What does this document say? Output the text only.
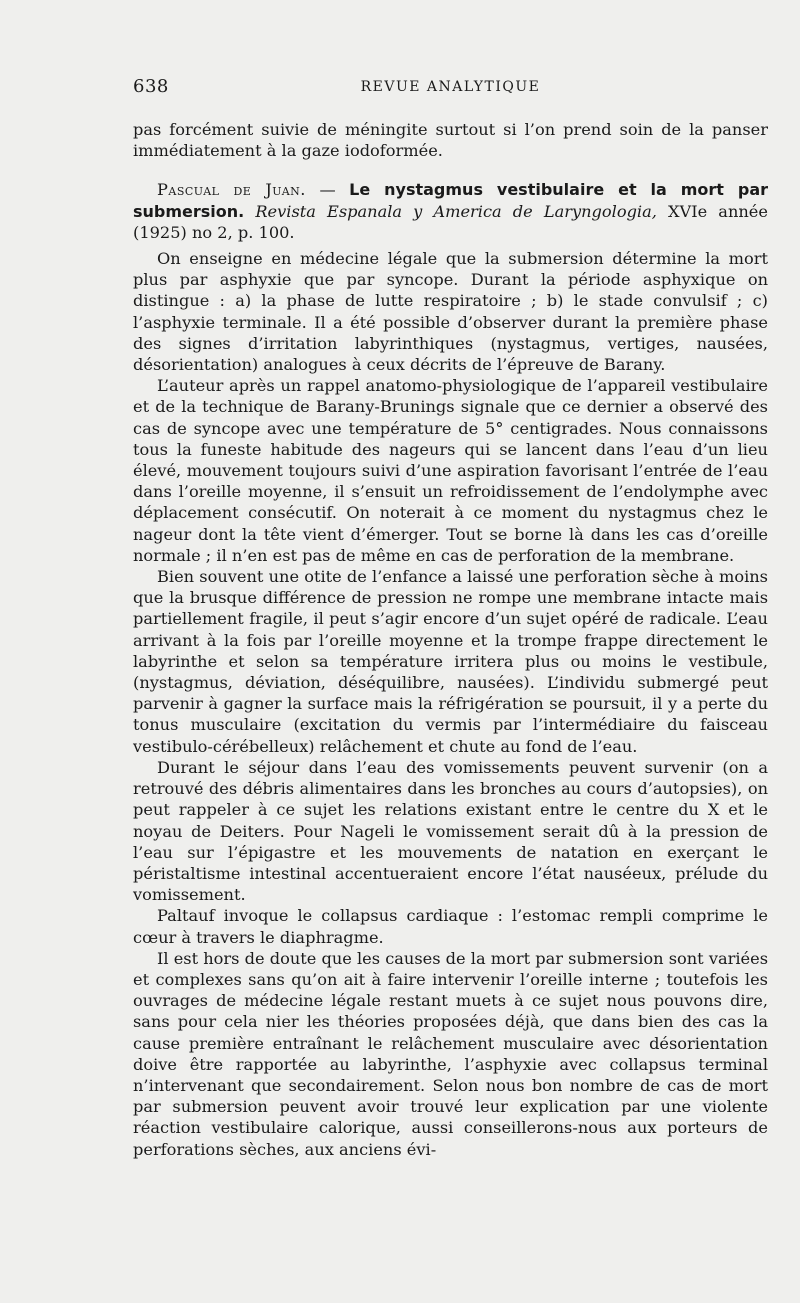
638	REVUE ANALYTIQUE

pas forcément suivie de méningite surtout si l’on prend soin de la panser immédiatement à la gaze iodoformée.

Pascual de Juan. — Le nystagmus vestibulaire et la mort par submersion. Revista Espanala y America de Laryngologia, XVIe année (1925) no 2, p. 100.

On enseigne en médecine légale que la submersion détermine la mort plus par asphyxie que par syncope. Durant la période asphyxique on distingue : a) la phase de lutte respiratoire ; b) le stade convulsif ; c) l’asphyxie terminale. Il a été possible d’observer durant la première phase des signes d’irritation labyrinthiques (nystagmus, vertiges, nausées, désorientation) analogues à ceux décrits de l’épreuve de Barany.

L’auteur après un rappel anatomo-physiologique de l’appareil vestibulaire et de la technique de Barany-Brunings signale que ce dernier a observé des cas de syncope avec une température de 5° centigrades. Nous connaissons tous la funeste habitude des nageurs qui se lancent dans l’eau d’un lieu élevé, mouvement toujours suivi d’une aspiration favorisant l’entrée de l’eau dans l’oreille moyenne, il s’ensuit un refroidissement de l’endolymphe avec déplacement consécutif. On noterait à ce moment du nystagmus chez le nageur dont la tête vient d’émerger. Tout se borne là dans les cas d’oreille normale ; il n’en est pas de même en cas de perforation de la membrane.

Bien souvent une otite de l’enfance a laissé une perforation sèche à moins que la brusque différence de pression ne rompe une membrane intacte mais partiellement fragile, il peut s’agir encore d’un sujet opéré de radicale. L’eau arrivant à la fois par l’oreille moyenne et la trompe frappe directement le labyrinthe et selon sa température irritera plus ou moins le vestibule, (nystagmus, déviation, déséquilibre, nausées). L’individu submergé peut parvenir à gagner la surface mais la réfrigération se poursuit, il y a perte du tonus musculaire (excitation du vermis par l’intermédiaire du faisceau vestibulo-cérébelleux) relâchement et chute au fond de l’eau.

Durant le séjour dans l’eau des vomissements peuvent survenir (on a retrouvé des débris alimentaires dans les bronches au cours d’autopsies), on peut rappeler à ce sujet les relations existant entre le centre du X et le noyau de Deiters. Pour Nageli le vomissement serait dû à la pression de l’eau sur l’épigastre et les mouvements de natation en exerçant le péristaltisme intestinal accentueraient encore l’état nauséeux, prélude du vomissement.

Paltauf invoque le collapsus cardiaque : l’estomac rempli comprime le cœur à travers le diaphragme.

Il est hors de doute que les causes de la mort par submersion sont variées et complexes sans qu’on ait à faire intervenir l’oreille interne ; toutefois les ouvrages de médecine légale restant muets à ce sujet nous pouvons dire, sans pour cela nier les théories proposées déjà, que dans bien des cas la cause première entraînant le relâchement musculaire avec désorientation doive être rapportée au labyrinthe, l’asphyxie avec collapsus terminal n’intervenant que secondairement. Selon nous bon nombre de cas de mort par submersion peuvent avoir trouvé leur explication par une violente réaction vestibulaire calorique, aussi conseillerons-nous aux porteurs de perforations sèches, aux anciens évi-
